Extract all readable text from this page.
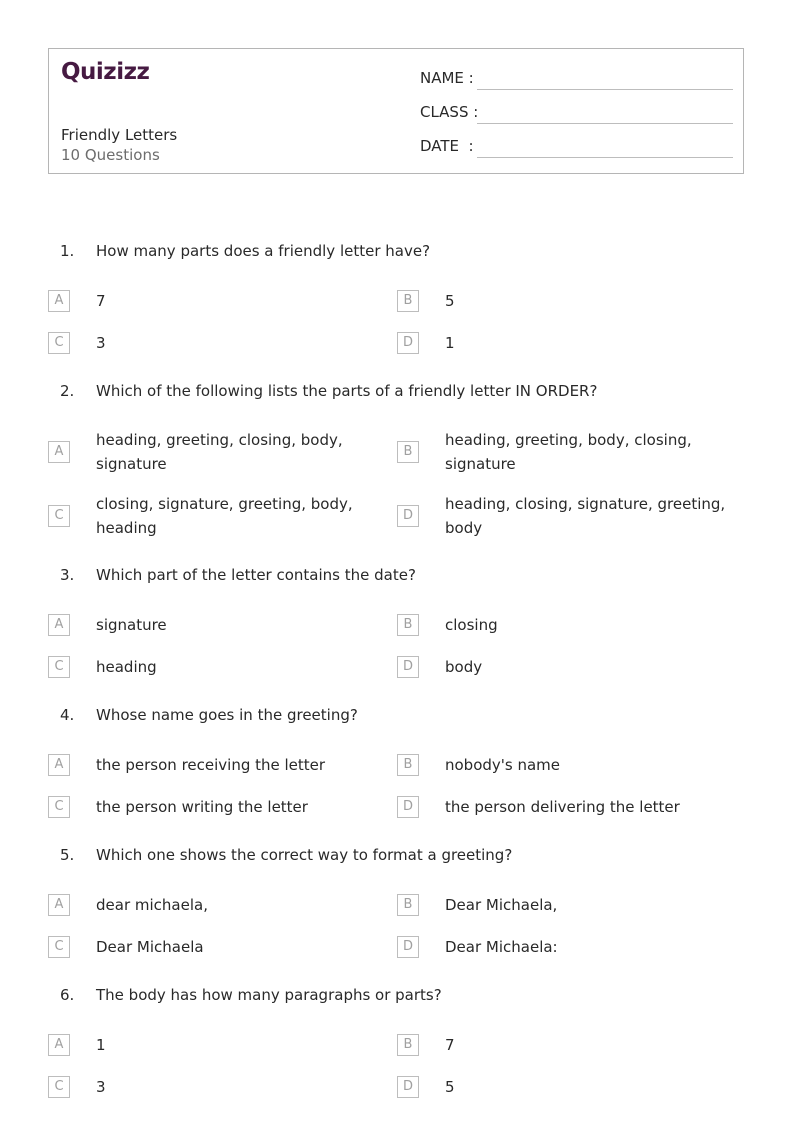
Quizizz
Friendly Letters
10 Questions
NAME :
CLASS :
DATE  :
1. How many parts does a friendly letter have?
A	7	B	5
C	3	D	1
2. Which of the following lists the parts of a friendly letter IN ORDER?
A
heading, greeting, closing, body, signature
B
heading, greeting, body, closing, signature
C
closing, signature, greeting, body, heading
D
heading, closing, signature, greeting, body
3. Which part of the letter contains the date?
A	signature	B	closing
C	heading	D	body
4. Whose name goes in the greeting?
A	the person receiving the letter	B	nobody's name
C	the person writing the letter	D	the person delivering the letter
5. Which one shows the correct way to format a greeting?
A	dear michaela,	B	Dear Michaela,
C	Dear Michaela	D	Dear Michaela:
6. The body has how many paragraphs or parts?
A	1	B	7
C	3	D	5
